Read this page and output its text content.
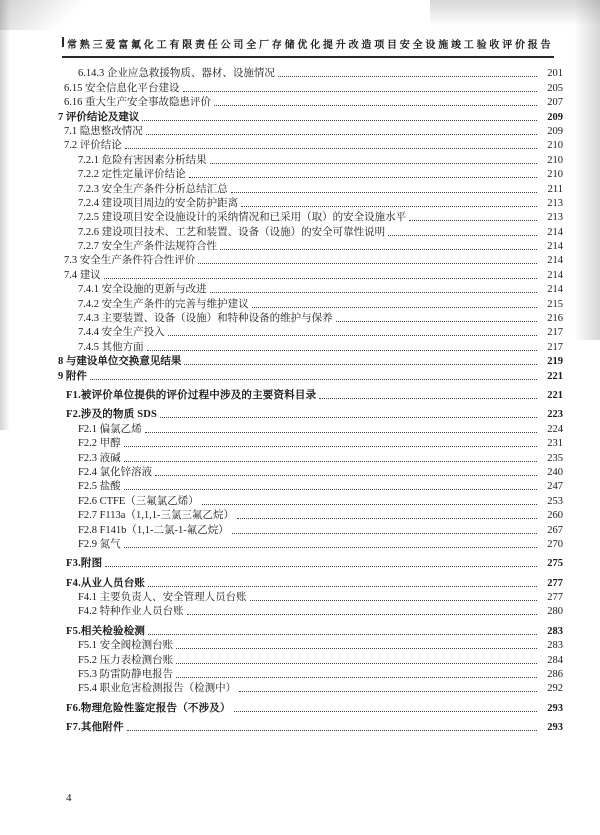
常熟三爱富氟化工有限责任公司全厂存储优化提升改造项目安全设施竣工验收评价报告
6.14.3 企业应急救援物质、器材、设施情况	201
6.15 安全信息化平台建设	205
6.16 重大生产安全事故隐患评价	207
7 评价结论及建议	209
7.1 隐患整改情况	209
7.2 评价结论	210
7.2.1 危险有害因素分析结果	210
7.2.2 定性定量评价结论	210
7.2.3 安全生产条件分析总结汇总	211
7.2.4 建设项目周边的安全防护距离	213
7.2.5 建设项目安全设施设计的采纳情况和已采用（取）的安全设施水平	213
7.2.6 建设项目技术、工艺和装置、设备（设施）的安全可靠性说明	214
7.2.7 安全生产条件法规符合性	214
7.3 安全生产条件符合性评价	214
7.4 建议	214
7.4.1 安全设施的更新与改进	214
7.4.2 安全生产条件的完善与维护建议	215
7.4.3 主要装置、设备（设施）和特种设备的维护与保养	216
7.4.4 安全生产投入	217
7.4.5 其他方面	217
8 与建设单位交换意见结果	219
9 附件	221
F1.被评价单位提供的评价过程中涉及的主要资料目录	221
F2.涉及的物质 SDS	223
F2.1 偏氯乙烯	224
F2.2 甲醇	231
F2.3 液碱	235
F2.4 氯化锌溶液	240
F2.5 盐酸	247
F2.6 CTFE（三氟氯乙烯）	253
F2.7 F113a（1,1,1-三氯三氟乙烷）	260
F2.8 F141b（1,1-二氯-1-氟乙烷）	267
F2.9 氮气	270
F3.附图	275
F4.从业人员台账	277
F4.1 主要负责人、安全管理人员台账	277
F4.2 特种作业人员台账	280
F5.相关检验检测	283
F5.1 安全阀检测台账	283
F5.2 压力表检测台账	284
F5.3 防雷防静电报告	286
F5.4 职业危害检测报告（检测中）	292
F6.物理危险性鉴定报告（不涉及）	293
F7.其他附件	293
4
